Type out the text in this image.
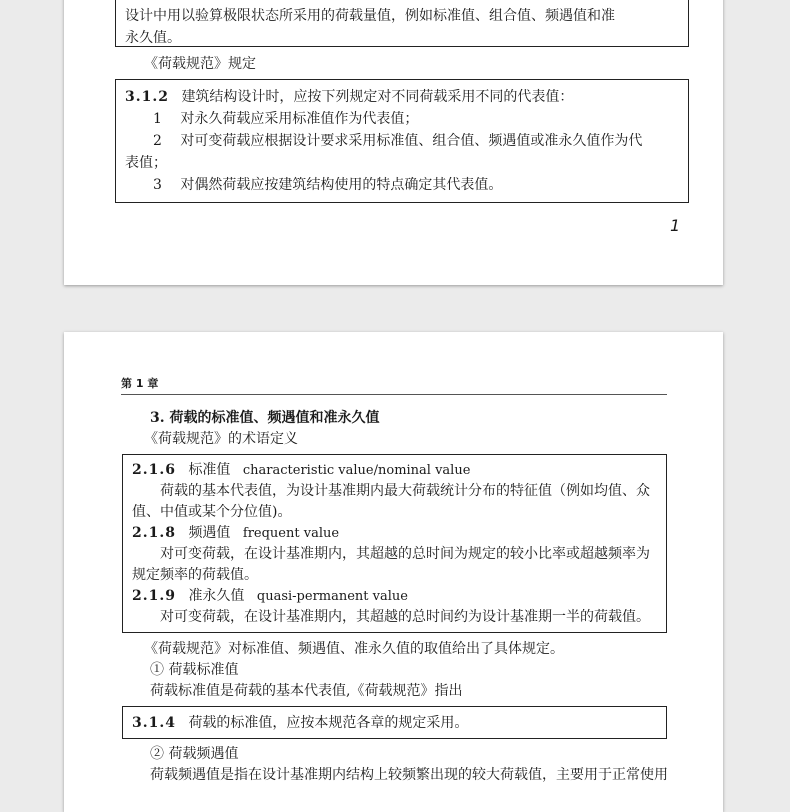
设计中用以验算极限状态所采用的荷载量值，例如标准值、组合值、频遇值和准
永久值。
《荷载规范》规定
3.1.2 建筑结构设计时，应按下列规定对不同荷载采用不同的代表值：
1 对永久荷载应采用标准值作为代表值；
2 对可变荷载应根据设计要求采用标准值、组合值、频遇值或准永久值作为代
表值；
3 对偶然荷载应按建筑结构使用的特点确定其代表值。
1
第 1 章
3. 荷载的标准值、频遇值和准永久值
《荷载规范》的术语定义
2.1.6 标准值 characteristic value/nominal value
荷载的基本代表值，为设计基准期内最大荷载统计分布的特征值（例如均值、众
值、中值或某个分位值)。
2.1.8 频遇值 frequent value
对可变荷载，在设计基准期内，其超越的总时间为规定的较小比率或超越频率为
规定频率的荷载值。
2.1.9 准永久值 quasi-permanent value
对可变荷载，在设计基准期内，其超越的总时间约为设计基准期一半的荷载值。
《荷载规范》对标准值、频遇值、准永久值的取值给出了具体规定。
① 荷载标准值
荷载标准值是荷载的基本代表值,《荷载规范》指出
3.1.4 荷载的标准值，应按本规范各章的规定采用。
② 荷载频遇值
荷载频遇值是指在设计基准期内结构上较频繁出现的较大荷载值，主要用于正常使用
